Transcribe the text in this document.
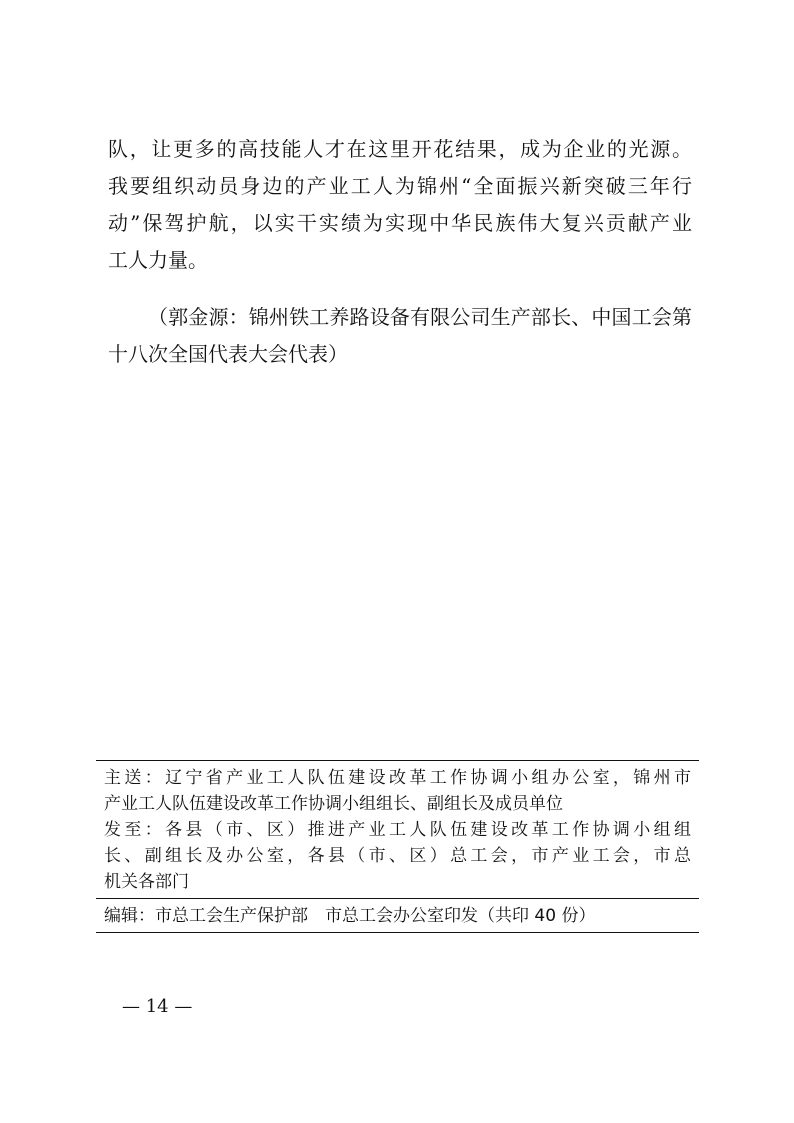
队，让更多的高技能人才在这里开花结果，成为企业的光源。

我要组织动员身边的产业工人为锦州“全面振兴新突破三年行

动”保驾护航，以实干实绩为实现中华民族伟大复兴贡献产业

工人力量。

（郭金源：锦州铁工养路设备有限公司生产部长、中国工会第

十八次全国代表大会代表）

主送：辽宁省产业工人队伍建设改革工作协调小组办公室，锦州市

产业工人队伍建设改革工作协调小组组长、副组长及成员单位

发至：各县（市、区）推进产业工人队伍建设改革工作协调小组组

长、副组长及办公室，各县（市、区）总工会，市产业工会，市总

机关各部门

编辑：市总工会生产保护部　市总工会办公室印发（共印 40 份）

— 14 —
